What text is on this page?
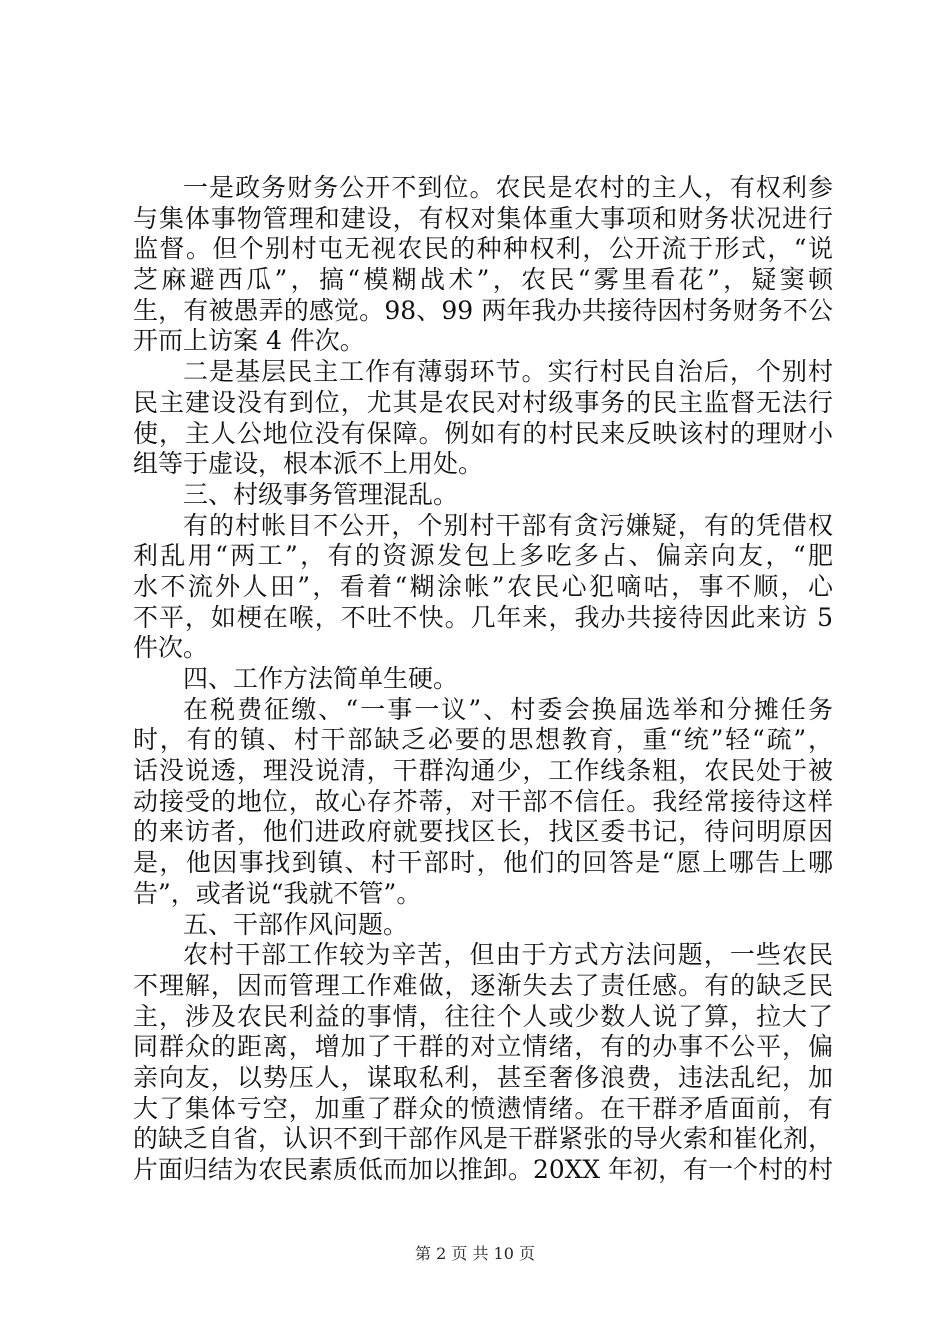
一是政务财务公开不到位。农民是农村的主人，有权利参
与集体事物管理和建设，有权对集体重大事项和财务状况进行
监督。但个别村屯无视农民的种种权利，公开流于形式，“说
芝麻避西瓜”，搞“模糊战术”，农民“雾里看花”，疑窦顿
生，有被愚弄的感觉。98、99 两年我办共接待因村务财务不公
开而上访案 4 件次。
二是基层民主工作有薄弱环节。实行村民自治后，个别村
民主建设没有到位，尤其是农民对村级事务的民主监督无法行
使，主人公地位没有保障。例如有的村民来反映该村的理财小
组等于虚设，根本派不上用处。
三、村级事务管理混乱。
有的村帐目不公开，个别村干部有贪污嫌疑，有的凭借权
利乱用“两工”，有的资源发包上多吃多占、偏亲向友，“肥
水不流外人田”，看着“糊涂帐”农民心犯嘀咕，事不顺，心
不平，如梗在喉，不吐不快。几年来，我办共接待因此来访 5
件次。
四、工作方法简单生硬。
在税费征缴、“一事一议”、村委会换届选举和分摊任务
时，有的镇、村干部缺乏必要的思想教育，重“统”轻“疏”，
话没说透，理没说清，干群沟通少，工作线条粗，农民处于被
动接受的地位，故心存芥蒂，对干部不信任。我经常接待这样
的来访者，他们进政府就要找区长，找区委书记，待问明原因
是，他因事找到镇、村干部时，他们的回答是“愿上哪告上哪
告”，或者说“我就不管”。
五、干部作风问题。
农村干部工作较为辛苦，但由于方式方法问题，一些农民
不理解，因而管理工作难做，逐渐失去了责任感。有的缺乏民
主，涉及农民利益的事情，往往个人或少数人说了算，拉大了
同群众的距离，增加了干群的对立情绪，有的办事不公平，偏
亲向友，以势压人，谋取私利，甚至奢侈浪费，违法乱纪，加
大了集体亏空，加重了群众的愤懑情绪。在干群矛盾面前，有
的缺乏自省，认识不到干部作风是干群紧张的导火索和崔化剂，
片面归结为农民素质低而加以推卸。20XX 年初，有一个村的村
第 2 页 共 10 页
